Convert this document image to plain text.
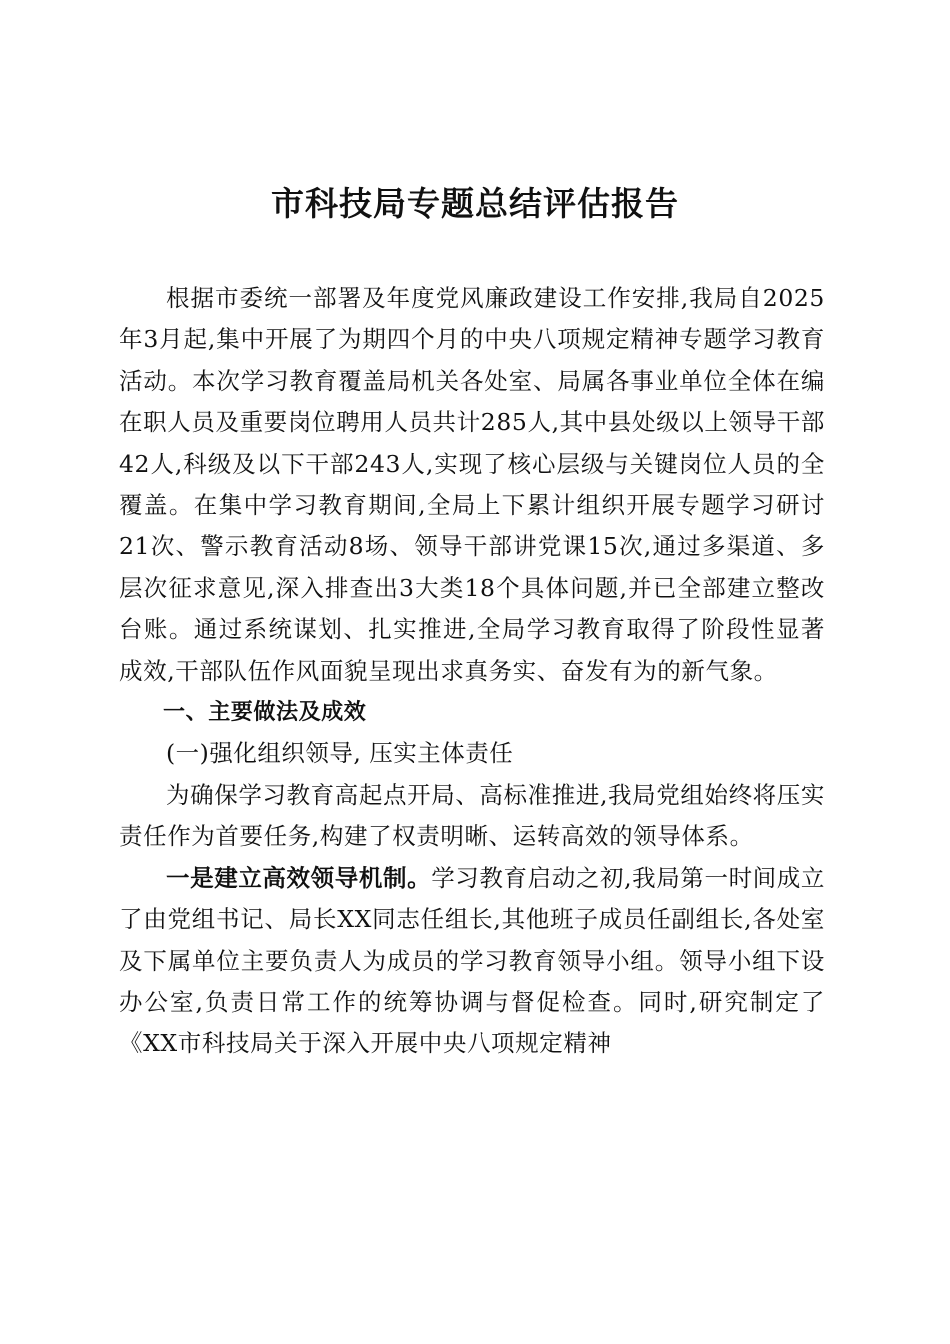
市科技局专题总结评估报告

根据市委统一部署及年度党风廉政建设工作安排,我局自2025年3月起,集中开展了为期四个月的中央八项规定精神专题学习教育活动。本次学习教育覆盖局机关各处室、局属各事业单位全体在编在职人员及重要岗位聘用人员共计285人,其中县处级以上领导干部42人,科级及以下干部243人,实现了核心层级与关键岗位人员的全覆盖。在集中学习教育期间,全局上下累计组织开展专题学习研讨21次、警示教育活动8场、领导干部讲党课15次,通过多渠道、多层次征求意见,深入排查出3大类18个具体问题,并已全部建立整改台账。通过系统谋划、扎实推进,全局学习教育取得了阶段性显著成效,干部队伍作风面貌呈现出求真务实、奋发有为的新气象。

一、主要做法及成效

(一)强化组织领导, 压实主体责任

为确保学习教育高起点开局、高标准推进,我局党组始终将压实责任作为首要任务,构建了权责明晰、运转高效的领导体系。

一是建立高效领导机制。学习教育启动之初,我局第一时间成立了由党组书记、局长XX同志任组长,其他班子成员任副组长,各处室及下属单位主要负责人为成员的学习教育领导小组。领导小组下设办公室,负责日常工作的统筹协调与督促检查。同时,研究制定了《XX市科技局关于深入开展中央八项规定精神
